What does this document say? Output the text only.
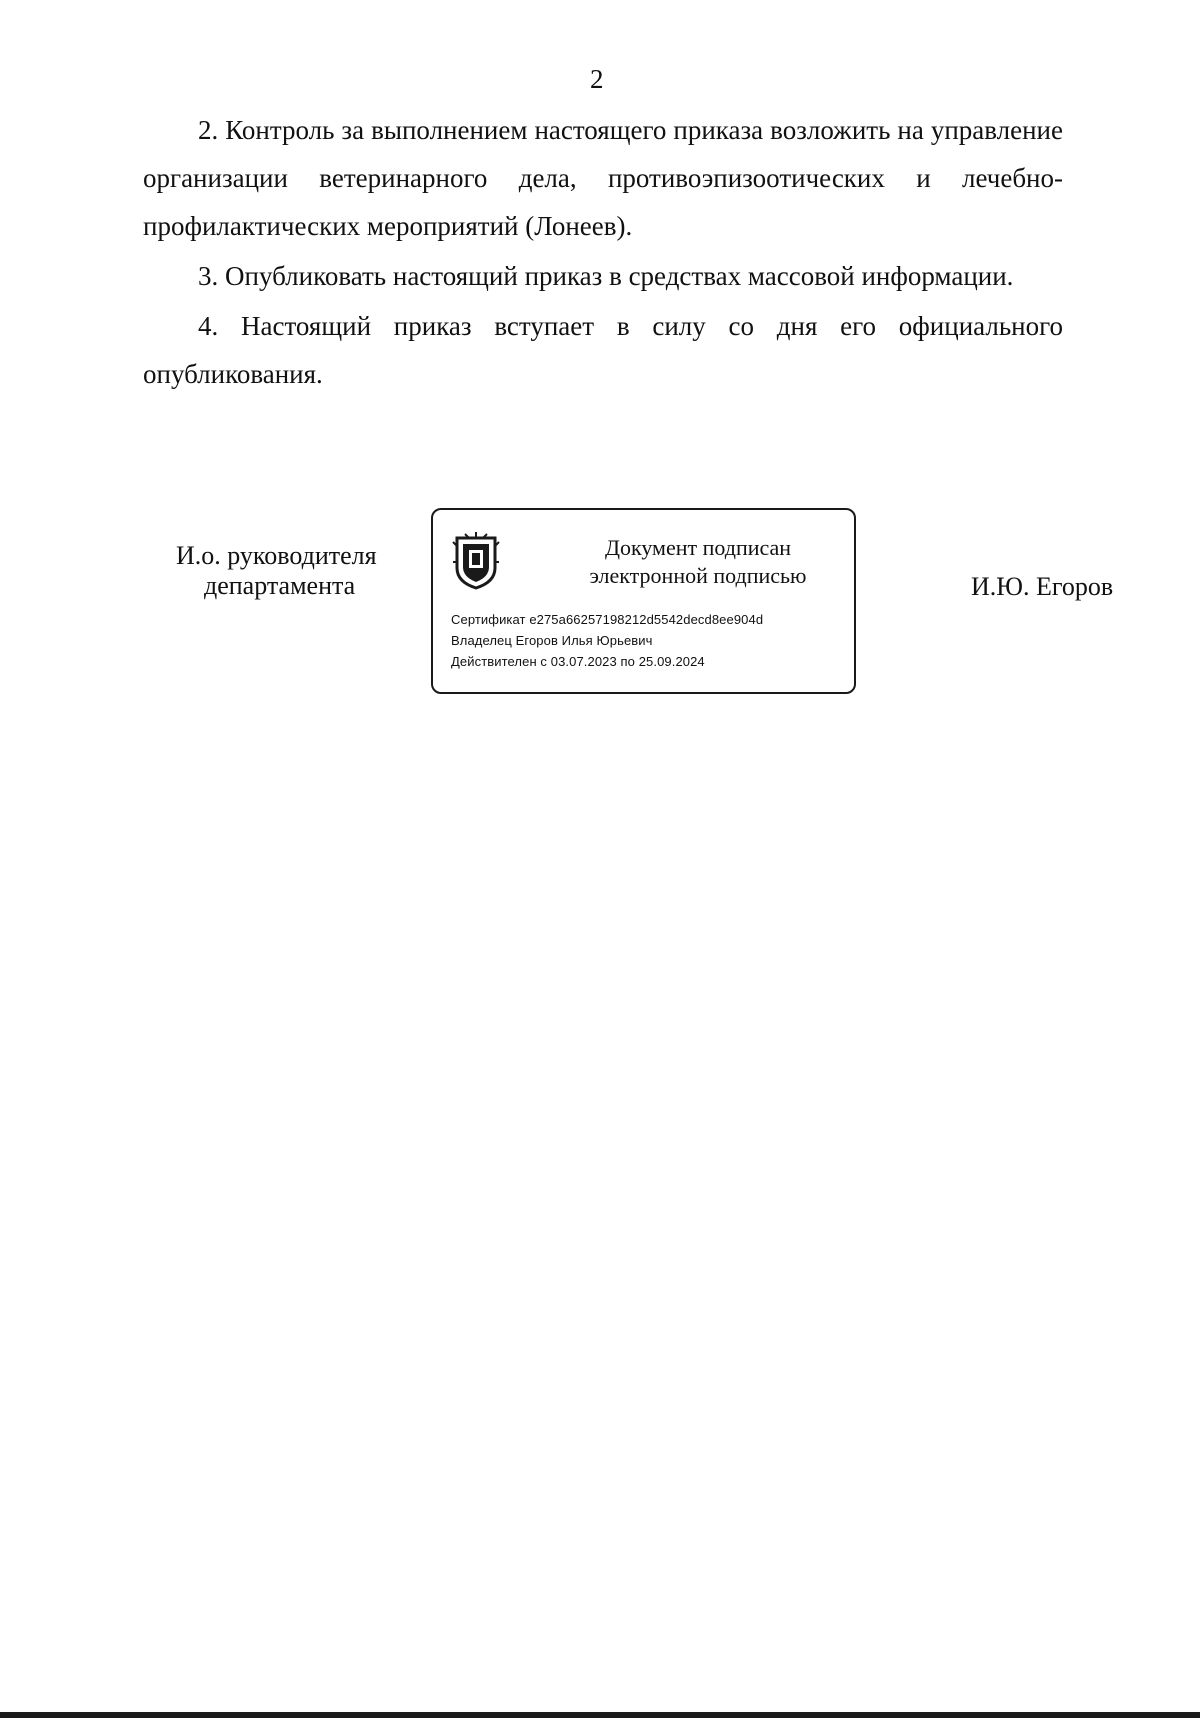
2

2. Контроль за выполнением настоящего приказа возложить на управление организации ветеринарного дела, противоэпизоотических и лечебно-профилактических мероприятий (Лонеев).

3. Опубликовать настоящий приказ в средствах массовой информации.

4. Настоящий приказ вступает в силу со дня его официального опубликования.

И.о. руководителя
департамента
Документ подписан
электронной подписью
Сертификат e275a66257198212d5542decd8ee904d
Владелец Егоров Илья Юрьевич
Действителен с 03.07.2023 по 25.09.2024
И.Ю. Егоров
